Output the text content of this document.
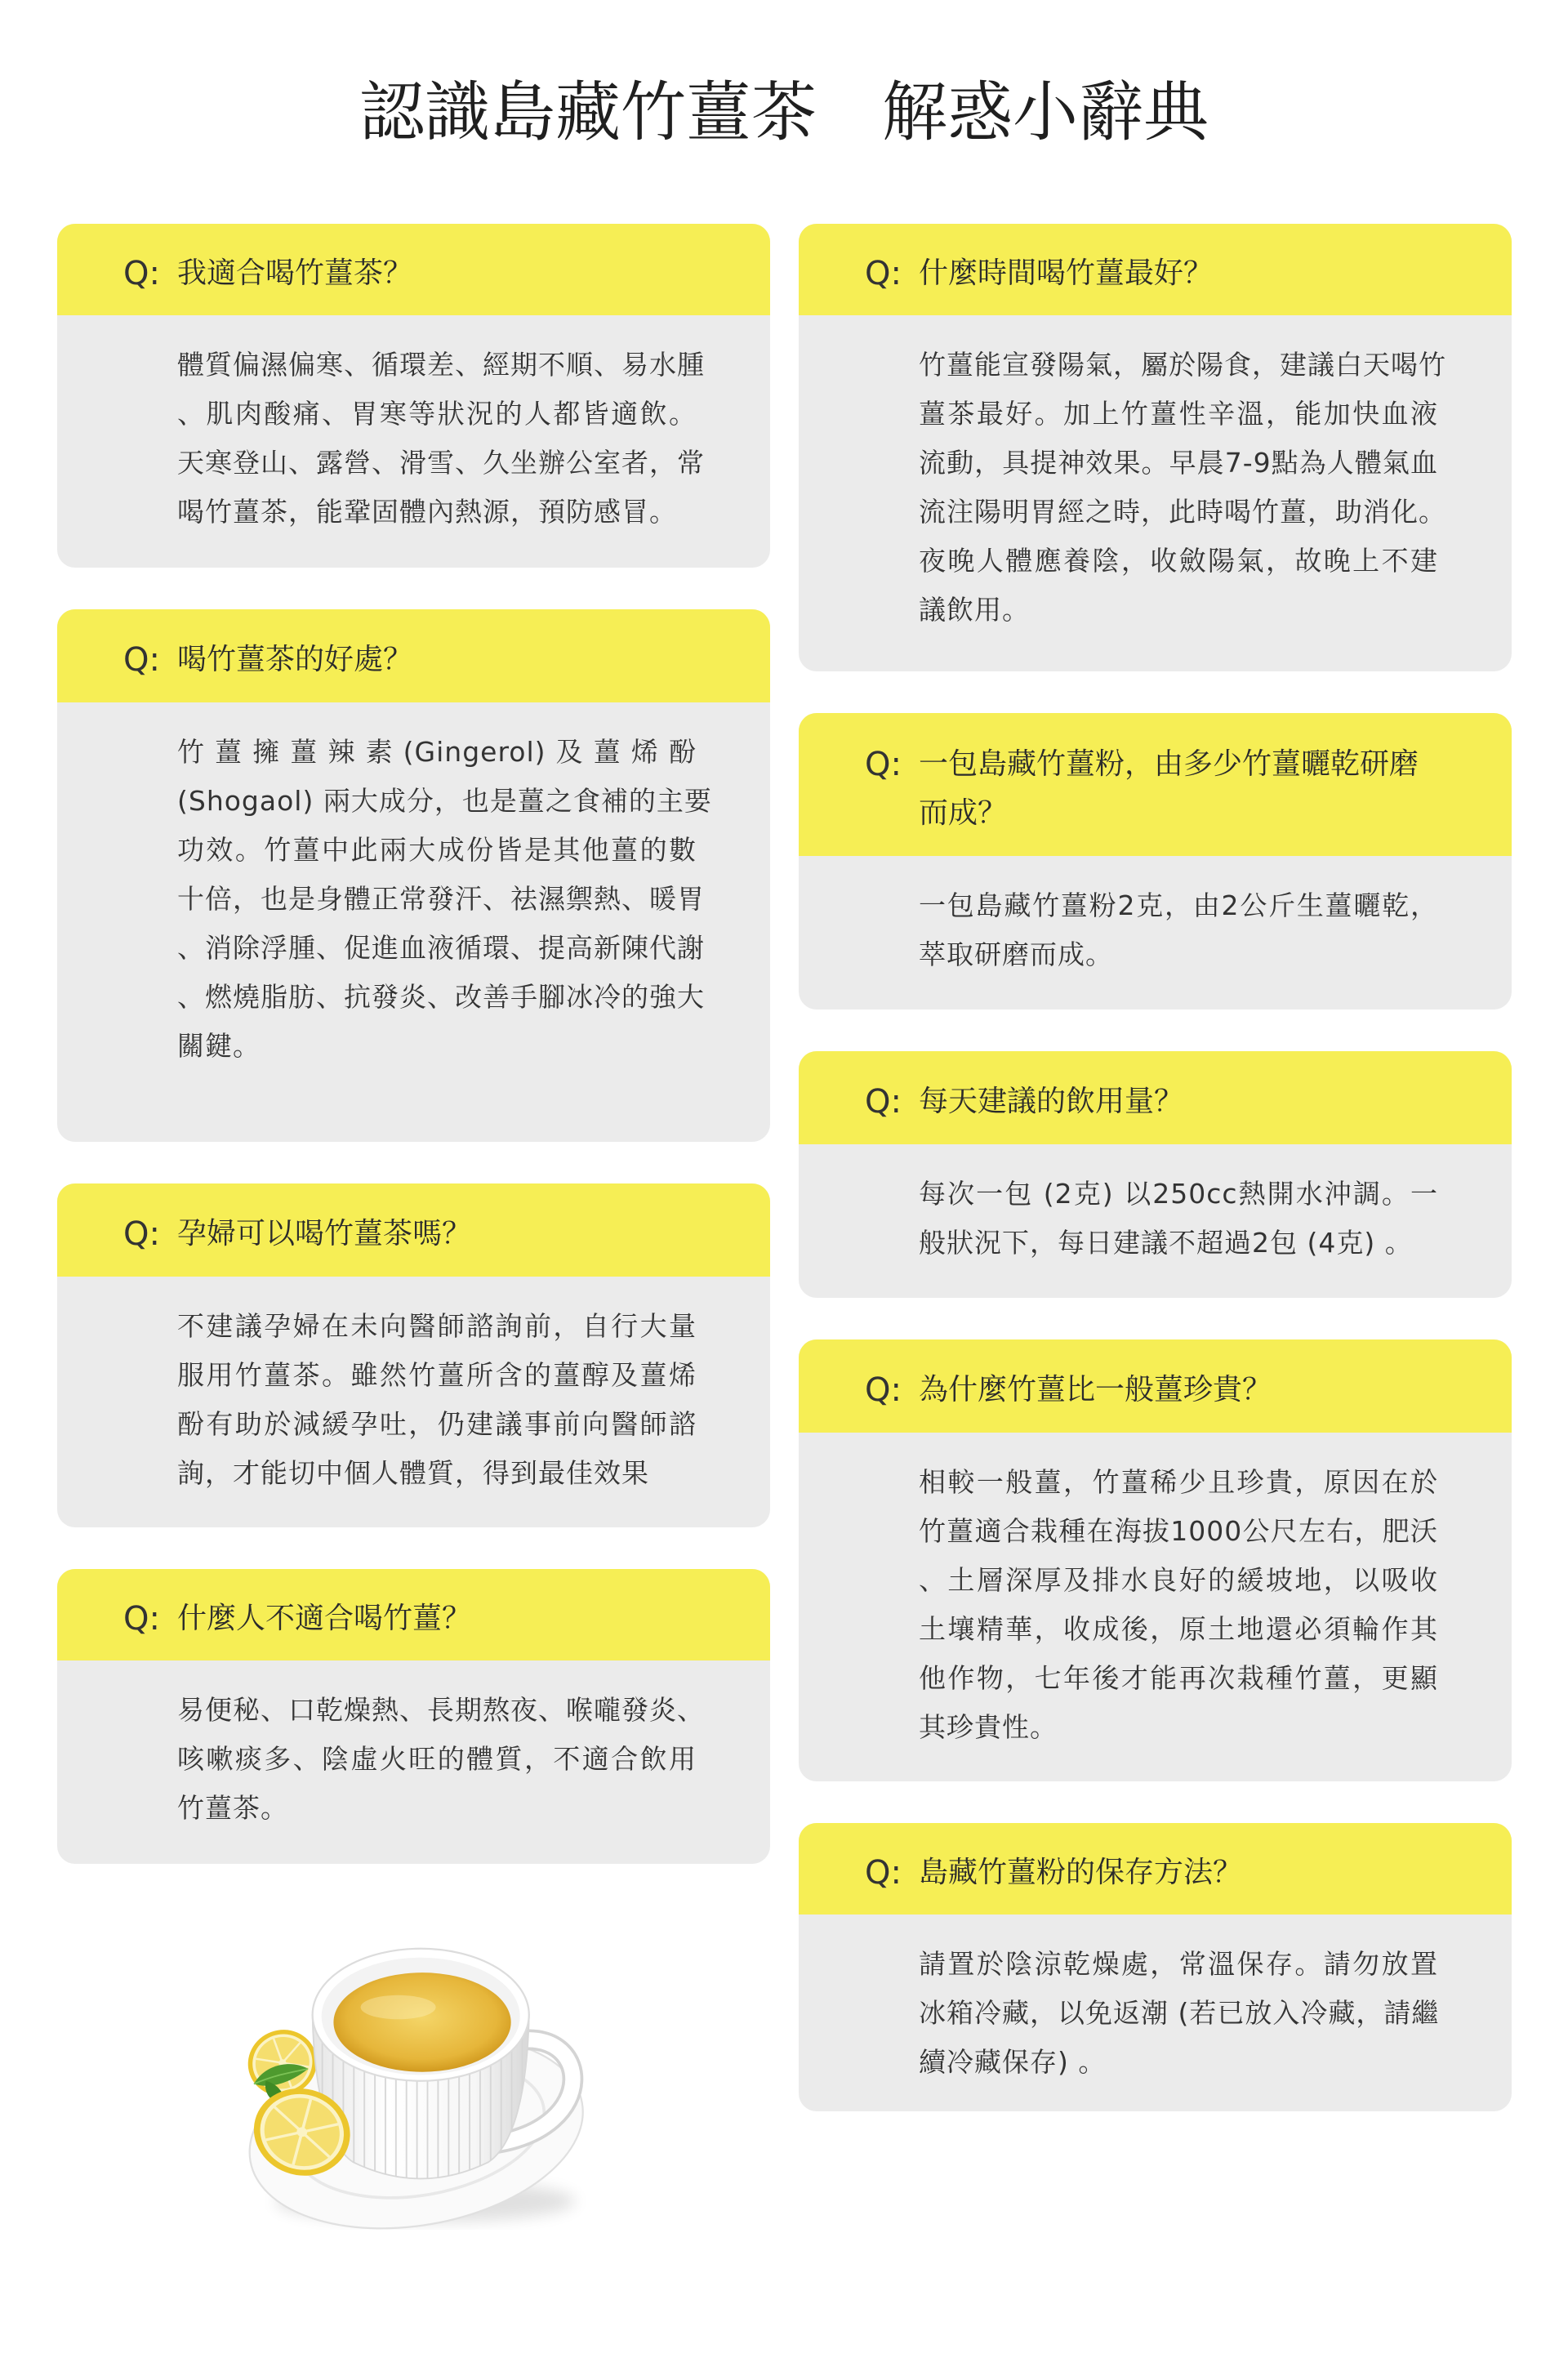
認識島藏竹薑茶　解惑小辭典
Q: 我適合喝竹薑茶？
體質偏濕偏寒、循環差、經期不順、易水腫
、肌肉酸痛、胃寒等狀況的人都皆適飲。
天寒登山、露營、滑雪、久坐辦公室者，常
喝竹薑茶，能鞏固體內熱源，預防感冒。
Q: 喝竹薑茶的好處？
竹薑擁薑辣素(Gingerol)及薑烯酚
(Shogaol) 兩大成分，也是薑之食補的主要
功效。竹薑中此兩大成份皆是其他薑的數
十倍，也是身體正常發汗、祛濕禦熱、暖胃
、消除浮腫、促進血液循環、提高新陳代謝
、燃燒脂肪、抗發炎、改善手腳冰冷的強大
關鍵。
Q: 孕婦可以喝竹薑茶嗎？
不建議孕婦在未向醫師諮詢前，自行大量
服用竹薑茶。雖然竹薑所含的薑醇及薑烯
酚有助於減緩孕吐，仍建議事前向醫師諮
詢，才能切中個人體質，得到最佳效果
Q: 什麼人不適合喝竹薑？
易便秘、口乾燥熱、長期熬夜、喉嚨發炎、
咳嗽痰多、陰虛火旺的體質，不適合飲用
竹薑茶。
Q: 什麼時間喝竹薑最好？
竹薑能宣發陽氣，屬於陽食，建議白天喝竹
薑茶最好。加上竹薑性辛溫，能加快血液
流動，具提神效果。早晨7-9點為人體氣血
流注陽明胃經之時，此時喝竹薑，助消化。
夜晚人體應養陰，收斂陽氣，故晚上不建
議飲用。
Q: 一包島藏竹薑粉，由多少竹薑曬乾研磨
而成？
一包島藏竹薑粉2克，由2公斤生薑曬乾，
萃取研磨而成。
Q: 每天建議的飲用量？
每次一包 (2克) 以250cc熱開水沖調。一
般狀況下，每日建議不超過2包 (4克) 。
Q: 為什麼竹薑比一般薑珍貴？
相較一般薑，竹薑稀少且珍貴，原因在於
竹薑適合栽種在海拔1000公尺左右，肥沃
、土層深厚及排水良好的緩坡地，以吸收
土壤精華，收成後，原土地還必須輪作其
他作物，七年後才能再次栽種竹薑，更顯
其珍貴性。
Q: 島藏竹薑粉的保存方法？
請置於陰涼乾燥處，常溫保存。請勿放置
冰箱冷藏，以免返潮 (若已放入冷藏，請繼
續冷藏保存) 。
